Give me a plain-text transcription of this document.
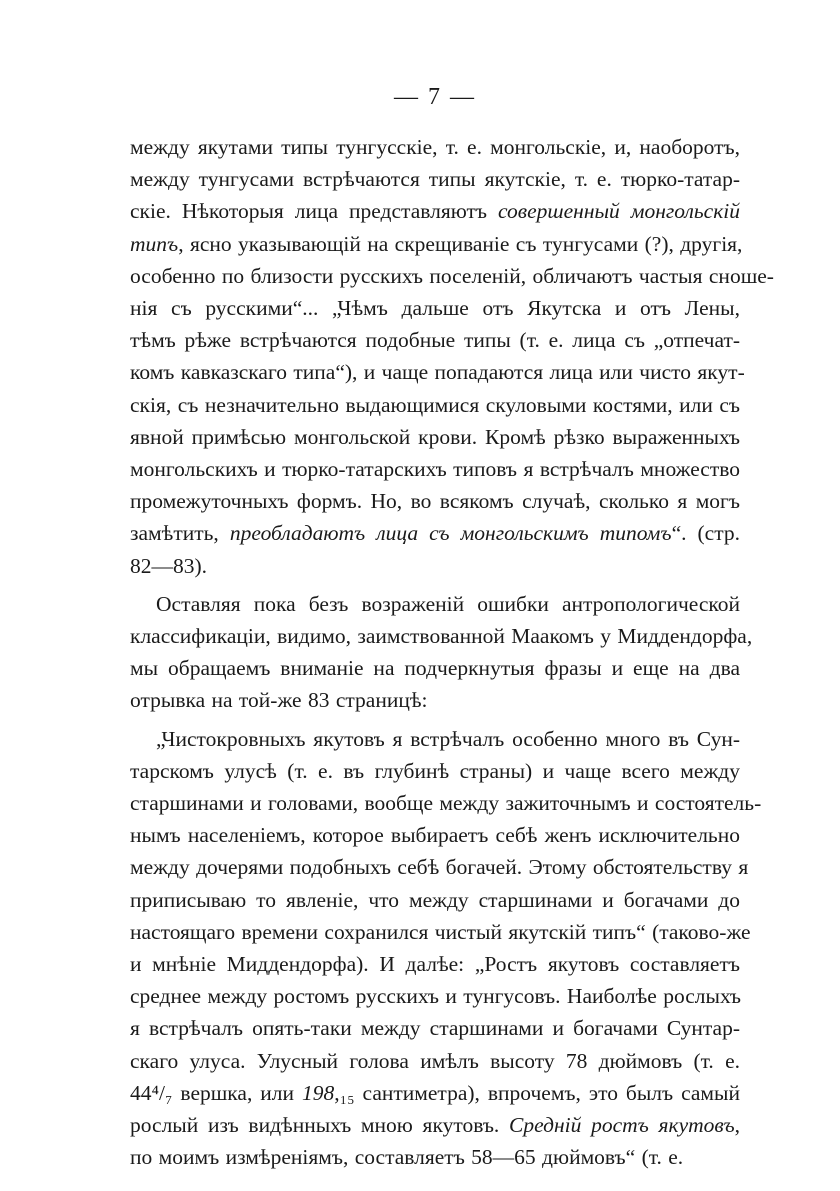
— 7 —
между якутами типы тунгусскіе, т. е. монгольскіе, и, наоборотъ,
между тунгусами встрѣчаются типы якутскіе, т. е. тюрко-татар-
скіе. Нѣкоторыя лица представляютъ совершенный монгольскій
типъ, ясно указывающій на скрещиваніе съ тунгусами (?), другія,
особенно по близости русскихъ поселеній, обличаютъ частыя сноше-
нія съ русскими“... „Чѣмъ дальше отъ Якутска и отъ Лены,
тѣмъ рѣже встрѣчаются подобные типы (т. е. лица съ „отпечат-
комъ кавказскаго типа“), и чаще попадаются лица или чисто якут-
скія, съ незначительно выдающимися скуловыми костями, или съ
явной примѣсью монгольской крови. Кромѣ рѣзко выраженныхъ
монгольскихъ и тюрко-татарскихъ типовъ я встрѣчалъ множество
промежуточныхъ формъ. Но, во всякомъ случаѣ, сколько я могъ
замѣтить, преобладаютъ лица съ монгольскимъ типомъ“. (стр.
82—83).
Оставляя пока безъ возраженій ошибки антропологической
классификаціи, видимо, заимствованной Маакомъ у Миддендорфа,
мы обращаемъ вниманіе на подчеркнутыя фразы и еще на два
отрывка на той-же 83 страницѣ:
„Чистокровныхъ якутовъ я встрѣчалъ особенно много въ Сун-
тарскомъ улусѣ (т. е. въ глубинѣ страны) и чаще всего между
старшинами и головами, вообще между зажиточнымъ и состоятель-
нымъ населеніемъ, которое выбираетъ себѣ женъ исключительно
между дочерями подобныхъ себѣ богачей. Этому обстоятельству я
приписываю то явленіе, что между старшинами и богачами до
настоящаго времени сохранился чистый якутскій типъ“ (таково-же
и мнѣніе Миддендорфа). И далѣе: „Ростъ якутовъ составляетъ
среднее между ростомъ русскихъ и тунгусовъ. Наиболѣе рослыхъ
я встрѣчалъ опять-таки между старшинами и богачами Сунтар-
скаго улуса. Улусный голова имѣлъ высоту 78 дюймовъ (т. е.
44⁴/₇ вершка, или 198,₁₅ сантиметра), впрочемъ, это былъ самый
рослый изъ видѣнныхъ мною якутовъ. Средній ростъ якутовъ,
по моимъ измѣреніямъ, составляетъ 58—65 дюймовъ“ (т. е.
